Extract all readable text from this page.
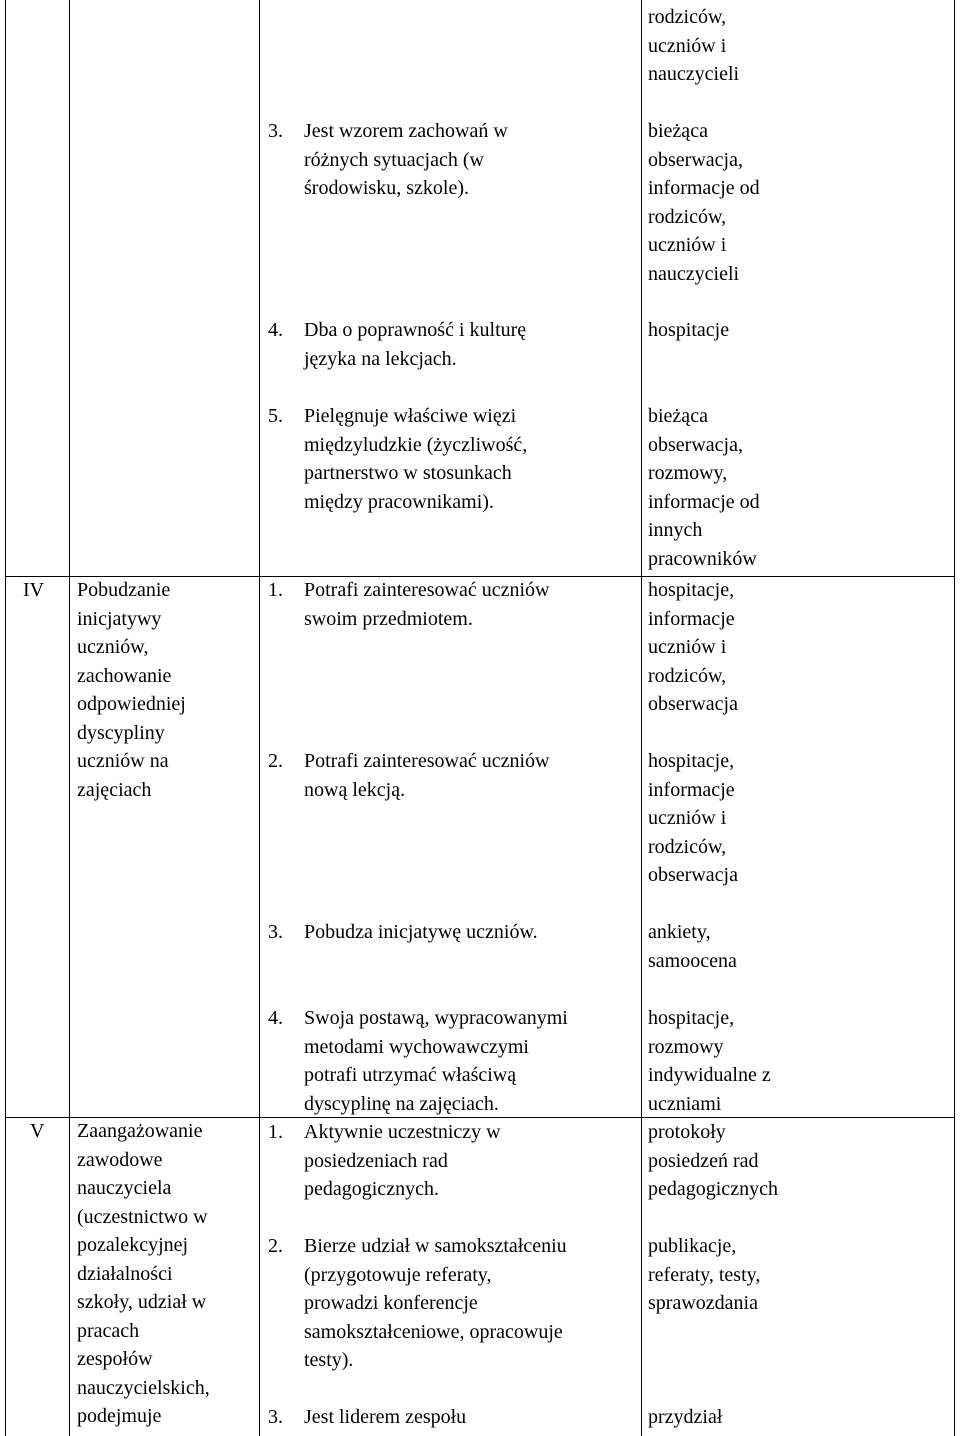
IV Pobudzanie
inicjatywy
uczniów,
zachowanie
odpowiedniej
dyscypliny
uczniów na
zajęciach
V Zaangażowanie
zawodowe
nauczyciela
(uczestnictwo w
pozalekcyjnej
działalności
szkoły, udział w
pracach
zespołów
nauczycielskich,
podejmuje
3. Jest wzorem zachowań w
różnych sytuacjach (w
środowisku, szkole).
4. Dba o poprawność i kulturę
języka na lekcjach.
5. Pielęgnuje właściwe więzi
międzyludzkie (życzliwość,
partnerstwo w stosunkach
między pracownikami).
1. Potrafi zainteresować uczniów
swoim przedmiotem.
2. Potrafi zainteresować uczniów
nową lekcją.
3. Pobudza inicjatywę uczniów.
4. Swoja postawą, wypracowanymi
metodami wychowawczymi
potrafi utrzymać właściwą
dyscyplinę na zajęciach.
1. Aktywnie uczestniczy w
posiedzeniach rad
pedagogicznych.
2. Bierze udział w samokształceniu
(przygotowuje referaty,
prowadzi konferencje
samokształceniowe, opracowuje
testy).
3. Jest liderem zespołu
rodziców,
uczniów i
nauczycieli
bieżąca
obserwacja,
informacje od
rodziców,
uczniów i
nauczycieli
hospitacje
bieżąca
obserwacja,
rozmowy,
informacje od
innych
pracowników
hospitacje,
informacje
uczniów i
rodziców,
obserwacja
hospitacje,
informacje
uczniów i
rodziców,
obserwacja
ankiety,
samoocena
hospitacje,
rozmowy
indywidualne z
uczniami
protokoły
posiedzeń rad
pedagogicznych
publikacje,
referaty, testy,
sprawozdania
przydział
